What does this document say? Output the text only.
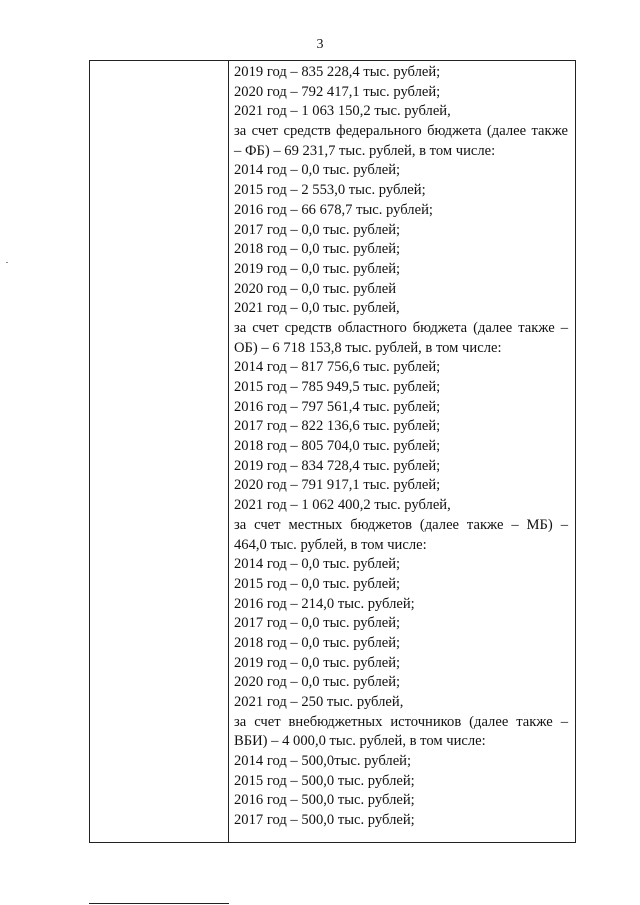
3
2019 год – 835 228,4 тыс. рублей;
2020 год – 792 417,1 тыс. рублей;
2021 год – 1 063 150,2 тыс. рублей,
за счет средств федерального бюджета (далее также
– ФБ) – 69 231,7 тыс. рублей, в том числе:
2014 год – 0,0 тыс. рублей;
2015 год – 2 553,0 тыс. рублей;
2016 год – 66 678,7 тыс. рублей;
2017 год – 0,0 тыс. рублей;
2018 год – 0,0 тыс. рублей;
2019 год – 0,0 тыс. рублей;
2020 год – 0,0 тыс. рублей
2021 год – 0,0 тыс. рублей,
за счет средств областного бюджета (далее также –
ОБ) – 6 718 153,8 тыс. рублей, в том числе:
2014 год – 817 756,6 тыс. рублей;
2015 год – 785 949,5 тыс. рублей;
2016 год – 797 561,4 тыс. рублей;
2017 год – 822 136,6 тыс. рублей;
2018 год – 805 704,0 тыс. рублей;
2019 год – 834 728,4 тыс. рублей;
2020 год – 791 917,1 тыс. рублей;
2021 год – 1 062 400,2 тыс. рублей,
за счет местных бюджетов (далее также – МБ) –
464,0 тыс. рублей, в том числе:
2014 год – 0,0 тыс. рублей;
2015 год – 0,0 тыс. рублей;
2016 год – 214,0 тыс. рублей;
2017 год – 0,0 тыс. рублей;
2018 год – 0,0 тыс. рублей;
2019 год – 0,0 тыс. рублей;
2020 год – 0,0 тыс. рублей;
2021 год – 250 тыс. рублей,
за счет внебюджетных источников (далее также –
ВБИ) – 4 000,0 тыс. рублей, в том числе:
2014 год – 500,0тыс. рублей;
2015 год – 500,0 тыс. рублей;
2016 год – 500,0 тыс. рублей;
2017 год – 500,0 тыс. рублей;
